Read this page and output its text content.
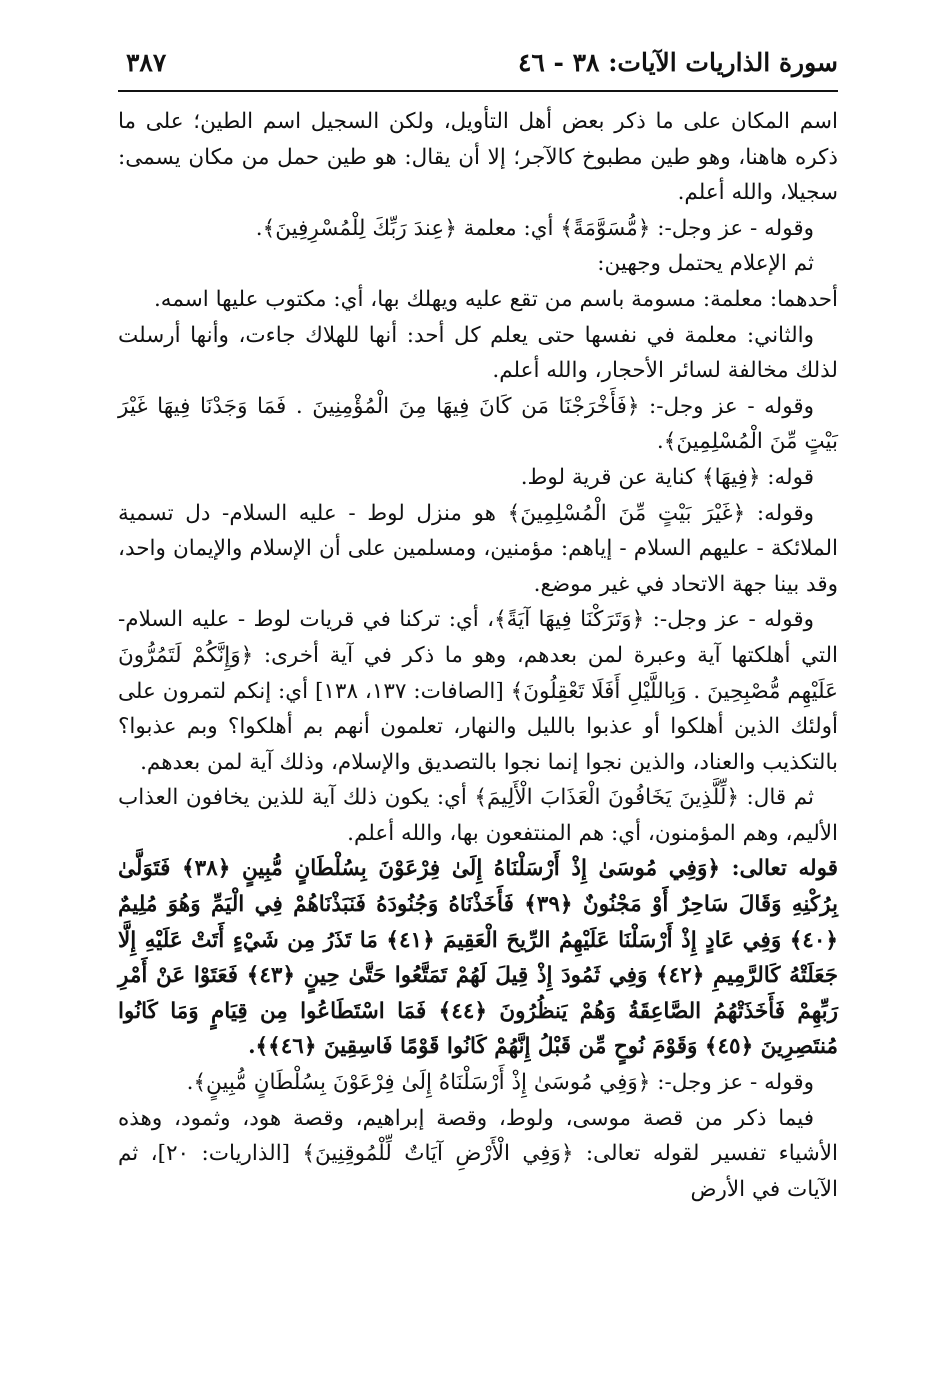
سورة الذاريات الآيات: ٣٨ - ٤٦
٣٨٧

اسم المكان على ما ذكر بعض أهل التأويل، ولكن السجيل اسم الطين؛ على ما ذكره هاهنا، وهو طين مطبوخ كالآجر؛ إلا أن يقال: هو طين حمل من مكان يسمى: سجيلا، والله أعلم.

وقوله - عز وجل-: ﴿مُّسَوَّمَةً﴾ أي: معلمة ﴿عِندَ رَبِّكَ لِلْمُسْرِفِينَ﴾.

ثم الإعلام يحتمل وجهين:

أحدهما: معلمة: مسومة باسم من تقع عليه ويهلك بها، أي: مكتوب عليها اسمه.

والثاني: معلمة في نفسها حتى يعلم كل أحد: أنها للهلاك جاءت، وأنها أرسلت لذلك مخالفة لسائر الأحجار، والله أعلم.

وقوله - عز وجل-: ﴿فَأَخْرَجْنَا مَن كَانَ فِيهَا مِنَ الْمُؤْمِنِينَ . فَمَا وَجَدْنَا فِيهَا غَيْرَ بَيْتٍ مِّنَ الْمُسْلِمِينَ﴾.

قوله: ﴿فِيهَا﴾ كناية عن قرية لوط.

وقوله: ﴿غَيْرَ بَيْتٍ مِّنَ الْمُسْلِمِينَ﴾ هو منزل لوط - عليه السلام- دل تسمية الملائكة - عليهم السلام - إياهم: مؤمنين، ومسلمين على أن الإسلام والإيمان واحد، وقد بينا جهة الاتحاد في غير موضع.

وقوله - عز وجل-: ﴿وَتَرَكْنَا فِيهَا آيَةً﴾، أي: تركنا في قريات لوط - عليه السلام- التي أهلكتها آية وعبرة لمن بعدهم، وهو ما ذكر في آية أخرى: ﴿وَإِنَّكُمْ لَتَمُرُّونَ عَلَيْهِم مُّصْبِحِينَ . وَبِاللَّيْلِ أَفَلَا تَعْقِلُونَ﴾ [الصافات: ١٣٧، ١٣٨] أي: إنكم لتمرون على أولئك الذين أهلكوا أو عذبوا بالليل والنهار، تعلمون أنهم بم أهلكوا؟ وبم عذبوا؟ بالتكذيب والعناد، والذين نجوا إنما نجوا بالتصديق والإسلام، وذلك آية لمن بعدهم.

ثم قال: ﴿لِّلَّذِينَ يَخَافُونَ الْعَذَابَ الْأَلِيمَ﴾ أي: يكون ذلك آية للذين يخافون العذاب الأليم، وهم المؤمنون، أي: هم المنتفعون بها، والله أعلم.

قوله تعالى: ﴿وَفِي مُوسَىٰ إِذْ أَرْسَلْنَاهُ إِلَىٰ فِرْعَوْنَ بِسُلْطَانٍ مُّبِينٍ ﴿٣٨﴾ فَتَوَلَّىٰ بِرُكْنِهِ وَقَالَ سَاحِرٌ أَوْ مَجْنُونٌ ﴿٣٩﴾ فَأَخَذْنَاهُ وَجُنُودَهُ فَنَبَذْنَاهُمْ فِي الْيَمِّ وَهُوَ مُلِيمٌ ﴿٤٠﴾ وَفِي عَادٍ إِذْ أَرْسَلْنَا عَلَيْهِمُ الرِّيحَ الْعَقِيمَ ﴿٤١﴾ مَا تَذَرُ مِن شَيْءٍ أَتَتْ عَلَيْهِ إِلَّا جَعَلَتْهُ كَالرَّمِيمِ ﴿٤٢﴾ وَفِي ثَمُودَ إِذْ قِيلَ لَهُمْ تَمَتَّعُوا حَتَّىٰ حِينٍ ﴿٤٣﴾ فَعَتَوْا عَنْ أَمْرِ رَبِّهِمْ فَأَخَذَتْهُمُ الصَّاعِقَةُ وَهُمْ يَنظُرُونَ ﴿٤٤﴾ فَمَا اسْتَطَاعُوا مِن قِيَامٍ وَمَا كَانُوا مُنتَصِرِينَ ﴿٤٥﴾ وَقَوْمَ نُوحٍ مِّن قَبْلُ إِنَّهُمْ كَانُوا قَوْمًا فَاسِقِينَ ﴿٤٦﴾﴾.

وقوله - عز وجل-: ﴿وَفِي مُوسَىٰ إِذْ أَرْسَلْنَاهُ إِلَىٰ فِرْعَوْنَ بِسُلْطَانٍ مُّبِينٍ﴾.

فيما ذكر من قصة موسى، ولوط، وقصة إبراهيم، وقصة هود، وثمود، وهذه الأشياء تفسير لقوله تعالى: ﴿وَفِي الْأَرْضِ آيَاتٌ لِّلْمُوقِنِينَ﴾ [الذاريات: ٢٠]، ثم الآيات في الأرض
